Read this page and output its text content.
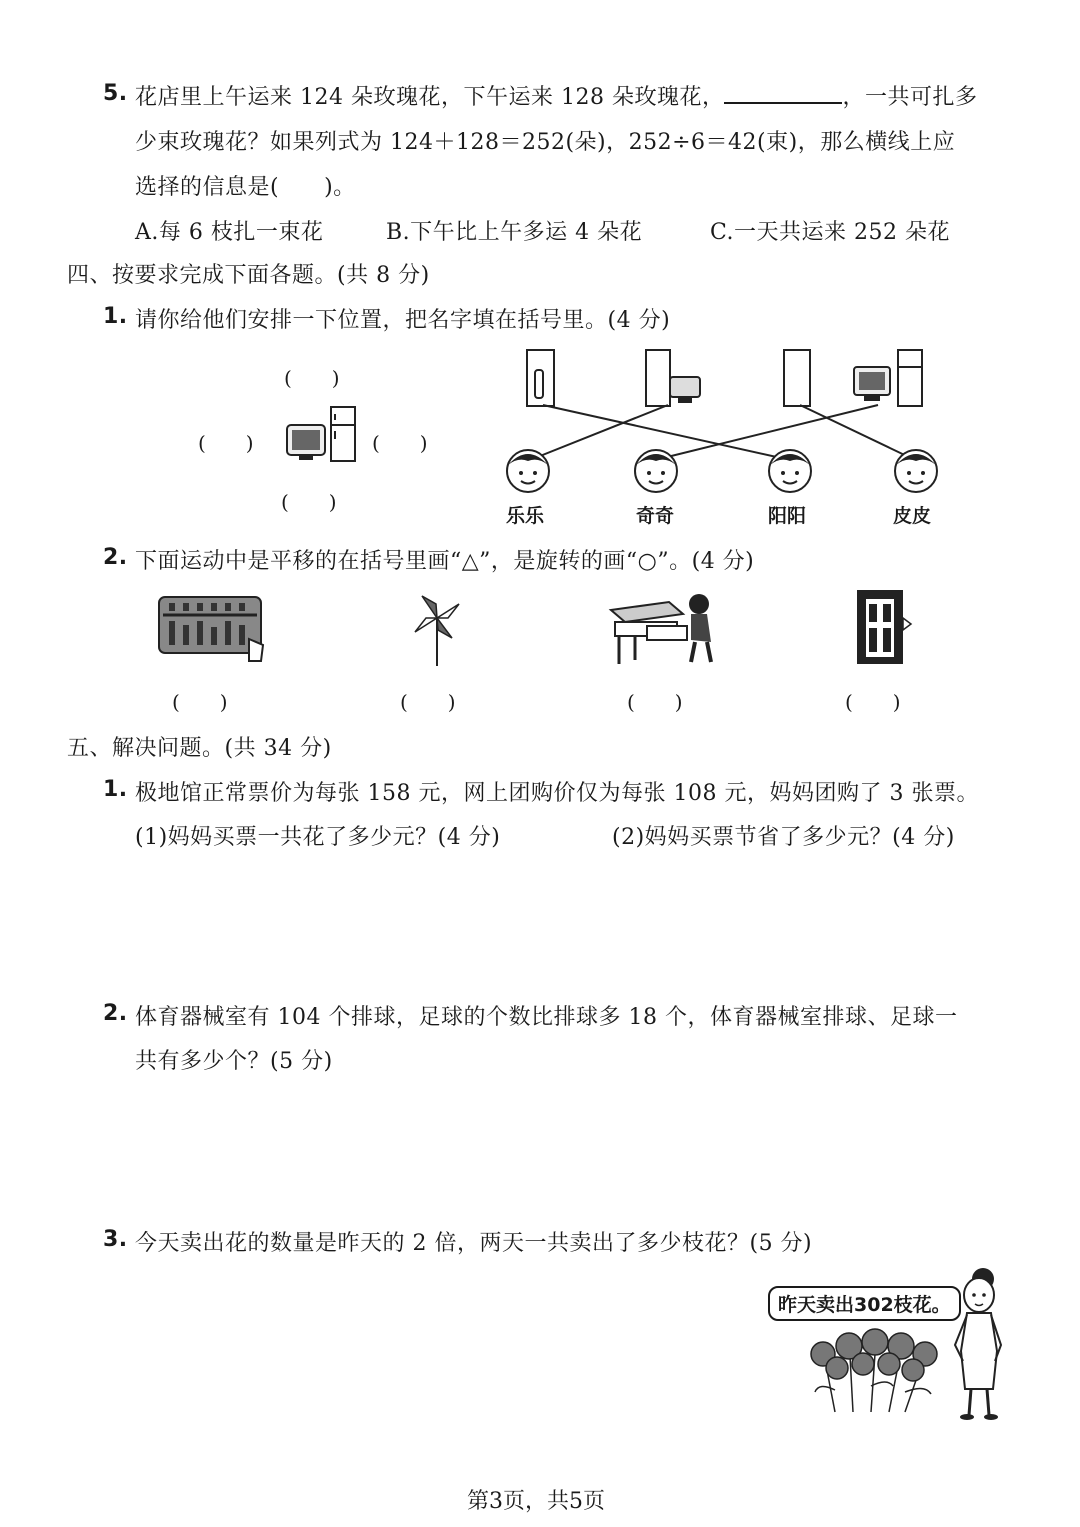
5. 花店里上午运来 124 朵玫瑰花，下午运来 128 朵玫瑰花，	，一共可扎多
少束玫瑰花？如果列式为 124＋128＝252(朵)，252÷6＝42(束)，那么横线上应
选择的信息是(　　)。
A.每 6 枝扎一束花	B.下午比上午多运 4 朵花	C.一天共运来 252 朵花
四、按要求完成下面各题。(共 8 分)
1. 请你给他们安排一下位置，把名字填在括号里。(4 分)
(　　)
(　　)	(　　)
(　　)
乐乐	奇奇	阳阳	皮皮
2. 下面运动中是平移的在括号里画“△”，是旋转的画“○”。(4 分)
(　　)	(　　)	(　　)	(　　)
五、解决问题。(共 34 分)
1. 极地馆正常票价为每张 158 元，网上团购价仅为每张 108 元，妈妈团购了 3 张票。
(1)妈妈买票一共花了多少元？(4 分)	(2)妈妈买票节省了多少元？(4 分)
2. 体育器械室有 104 个排球，足球的个数比排球多 18 个，体育器械室排球、足球一
共有多少个？(5 分)
3. 今天卖出花的数量是昨天的 2 倍，两天一共卖出了多少枝花？(5 分)
昨天卖出302枝花。
第3页，共5页
